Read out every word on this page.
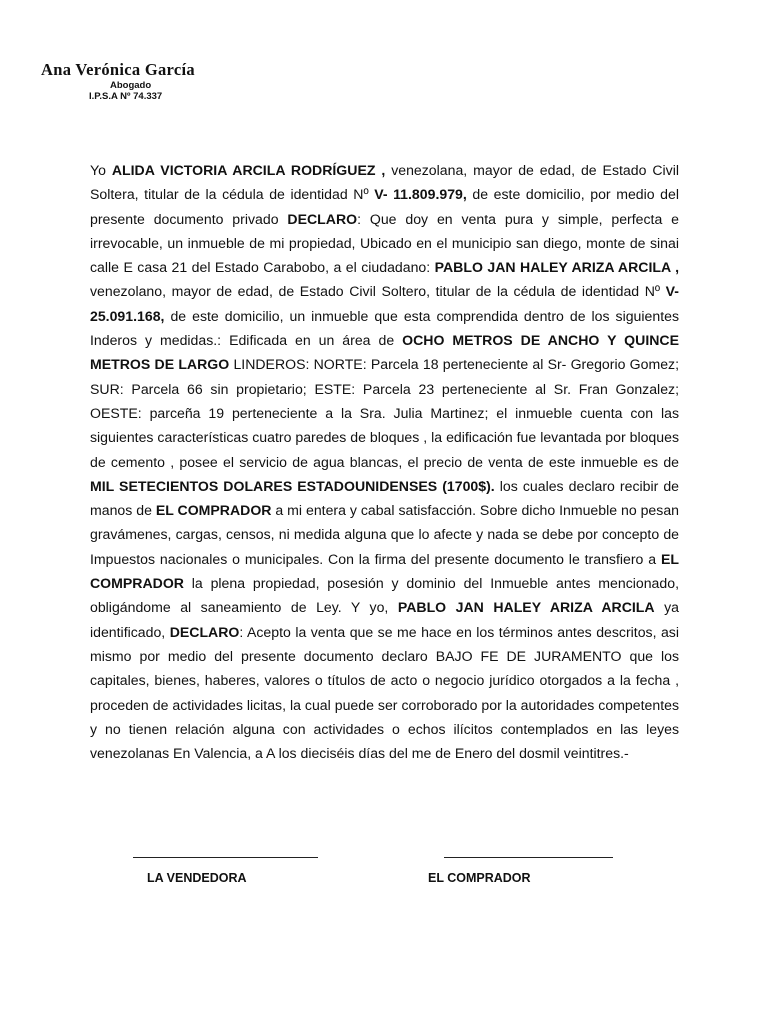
Ana Verónica García

Abogado
I.P.S.A Nº 74.337
Yo ALIDA VICTORIA ARCILA RODRÍGUEZ , venezolana, mayor de edad, de Estado Civil Soltera, titular de la cédula de identidad Nº V- 11.809.979, de este domicilio, por medio del presente documento privado DECLARO: Que doy en venta pura y simple, perfecta e irrevocable, un inmueble de mi propiedad, Ubicado en el municipio san diego, monte de sinai calle E casa 21 del Estado Carabobo, a el ciudadano: PABLO JAN HALEY ARIZA ARCILA , venezolano, mayor de edad, de Estado Civil Soltero, titular de la cédula de identidad Nº V- 25.091.168, de este domicilio, un inmueble que esta comprendida dentro de los siguientes Inderos y medidas.: Edificada en un área de OCHO METROS DE ANCHO Y QUINCE METROS DE LARGO LINDEROS: NORTE: Parcela 18 perteneciente al Sr- Gregorio Gomez; SUR: Parcela 66 sin propietario; ESTE: Parcela 23 perteneciente al Sr. Fran Gonzalez; OESTE: parceña 19 perteneciente a la Sra. Julia Martinez; el inmueble cuenta con las siguientes características cuatro paredes de bloques , la edificación fue levantada por bloques de cemento , posee el servicio de agua blancas, el precio de venta de este inmueble es de MIL SETECIENTOS DOLARES ESTADOUNIDENSES (1700$). los cuales declaro recibir de manos de EL COMPRADOR a mi entera y cabal satisfacción. Sobre dicho Inmueble no pesan gravámenes, cargas, censos, ni medida alguna que lo afecte y nada se debe por concepto de Impuestos nacionales o municipales. Con la firma del presente documento le transfiero a EL COMPRADOR la plena propiedad, posesión y dominio del Inmueble antes mencionado, obligándome al saneamiento de Ley. Y yo, PABLO JAN HALEY ARIZA ARCILA ya identificado, DECLARO: Acepto la venta que se me hace en los términos antes descritos, asi mismo por medio del presente documento declaro BAJO FE DE JURAMENTO que los capitales, bienes, haberes, valores o títulos de acto o negocio jurídico otorgados a la fecha , proceden de actividades licitas, la cual puede ser corroborado por la autoridades competentes y no tienen relación alguna con actividades o echos ilícitos contemplados en las leyes venezolanas En Valencia, a A los dieciséis días del me de Enero del dosmil veintitres.-
LA VENDEDORA	EL COMPRADOR
